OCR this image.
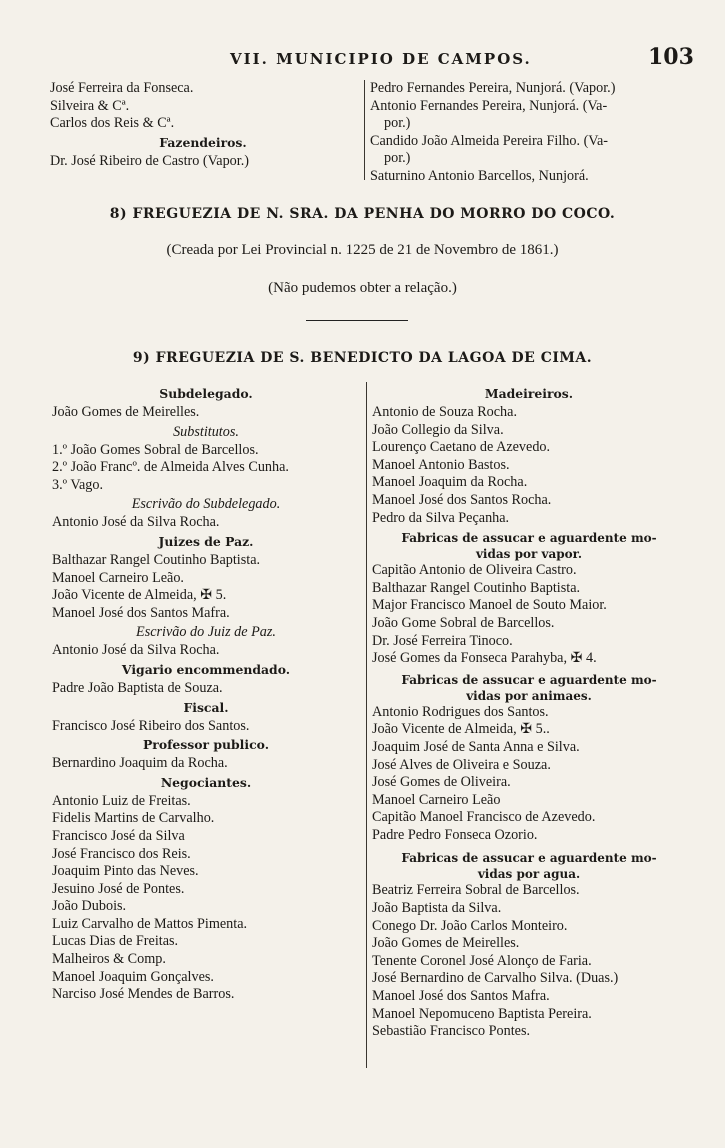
VII. MUNICIPIO DE CAMPOS.	103
José Ferreira da Fonseca.
Silveira & Cª.
Carlos dos Reis & Cª.
Fazendeiros.
Dr. José Ribeiro de Castro (Vapor.)
Pedro Fernandes Pereira, Nunjorá. (Vapor.)
Antonio Fernandes Pereira, Nunjorá. (Va-
por.)
Candido João Almeida Pereira Filho. (Va-
por.)
Saturnino Antonio Barcellos, Nunjorá.
8) FREGUEZIA DE N. SRA. DA PENHA DO MORRO DO COCO.
(Creada por Lei Provincial n. 1225 de 21 de Novembro de 1861.)
(Não pudemos obter a relação.)
9) FREGUEZIA DE S. BENEDICTO DA LAGOA DE CIMA.
Subdelegado.
João Gomes de Meirelles.
Substitutos.
1.º João Gomes Sobral de Barcellos.
2.º João Francº. de Almeida Alves Cunha.
3.º Vago.
Escrivão do Subdelegado.
Antonio José da Silva Rocha.
Juizes de Paz.
Balthazar Rangel Coutinho Baptista.
Manoel Carneiro Leão.
João Vicente de Almeida, ✠ 5.
Manoel José dos Santos Mafra.
Escrivão do Juiz de Paz.
Antonio José da Silva Rocha.
Vigario encommendado.
Padre João Baptista de Souza.
Fiscal.
Francisco José Ribeiro dos Santos.
Professor publico.
Bernardino Joaquim da Rocha.
Negociantes.
Antonio Luiz de Freitas.
Fidelis Martins de Carvalho.
Francisco José da Silva
José Francisco dos Reis.
Joaquim Pinto das Neves.
Jesuino José de Pontes.
João Dubois.
Luiz Carvalho de Mattos Pimenta.
Lucas Dias de Freitas.
Malheiros & Comp.
Manoel Joaquim Gonçalves.
Narciso José Mendes de Barros.
Madeireiros.
Antonio de Souza Rocha.
João Collegio da Silva.
Lourenço Caetano de Azevedo.
Manoel Antonio Bastos.
Manoel Joaquim da Rocha.
Manoel José dos Santos Rocha.
Pedro da Silva Peçanha.
Fabricas de assucar e aguardente mo-
vidas por vapor.
Capitão Antonio de Oliveira Castro.
Balthazar Rangel Coutinho Baptista.
Major Francisco Manoel de Souto Maior.
João Gome Sobral de Barcellos.
Dr. José Ferreira Tinoco.
José Gomes da Fonseca Parahyba, ✠ 4.
Fabricas de assucar e aguardente mo-
vidas por animaes.
Antonio Rodrigues dos Santos.
João Vicente de Almeida, ✠ 5..
Joaquim José de Santa Anna e Silva.
José Alves de Oliveira e Souza.
José Gomes de Oliveira.
Manoel Carneiro Leão
Capitão Manoel Francisco de Azevedo.
Padre Pedro Fonseca Ozorio.
Fabricas de assucar e aguardente mo-
vidas por agua.
Beatriz Ferreira Sobral de Barcellos.
João Baptista da Silva.
Conego Dr. João Carlos Monteiro.
João Gomes de Meirelles.
Tenente Coronel José Alonço de Faria.
José Bernardino de Carvalho Silva. (Duas.)
Manoel José dos Santos Mafra.
Manoel Nepomuceno Baptista Pereira.
Sebastião Francisco Pontes.
